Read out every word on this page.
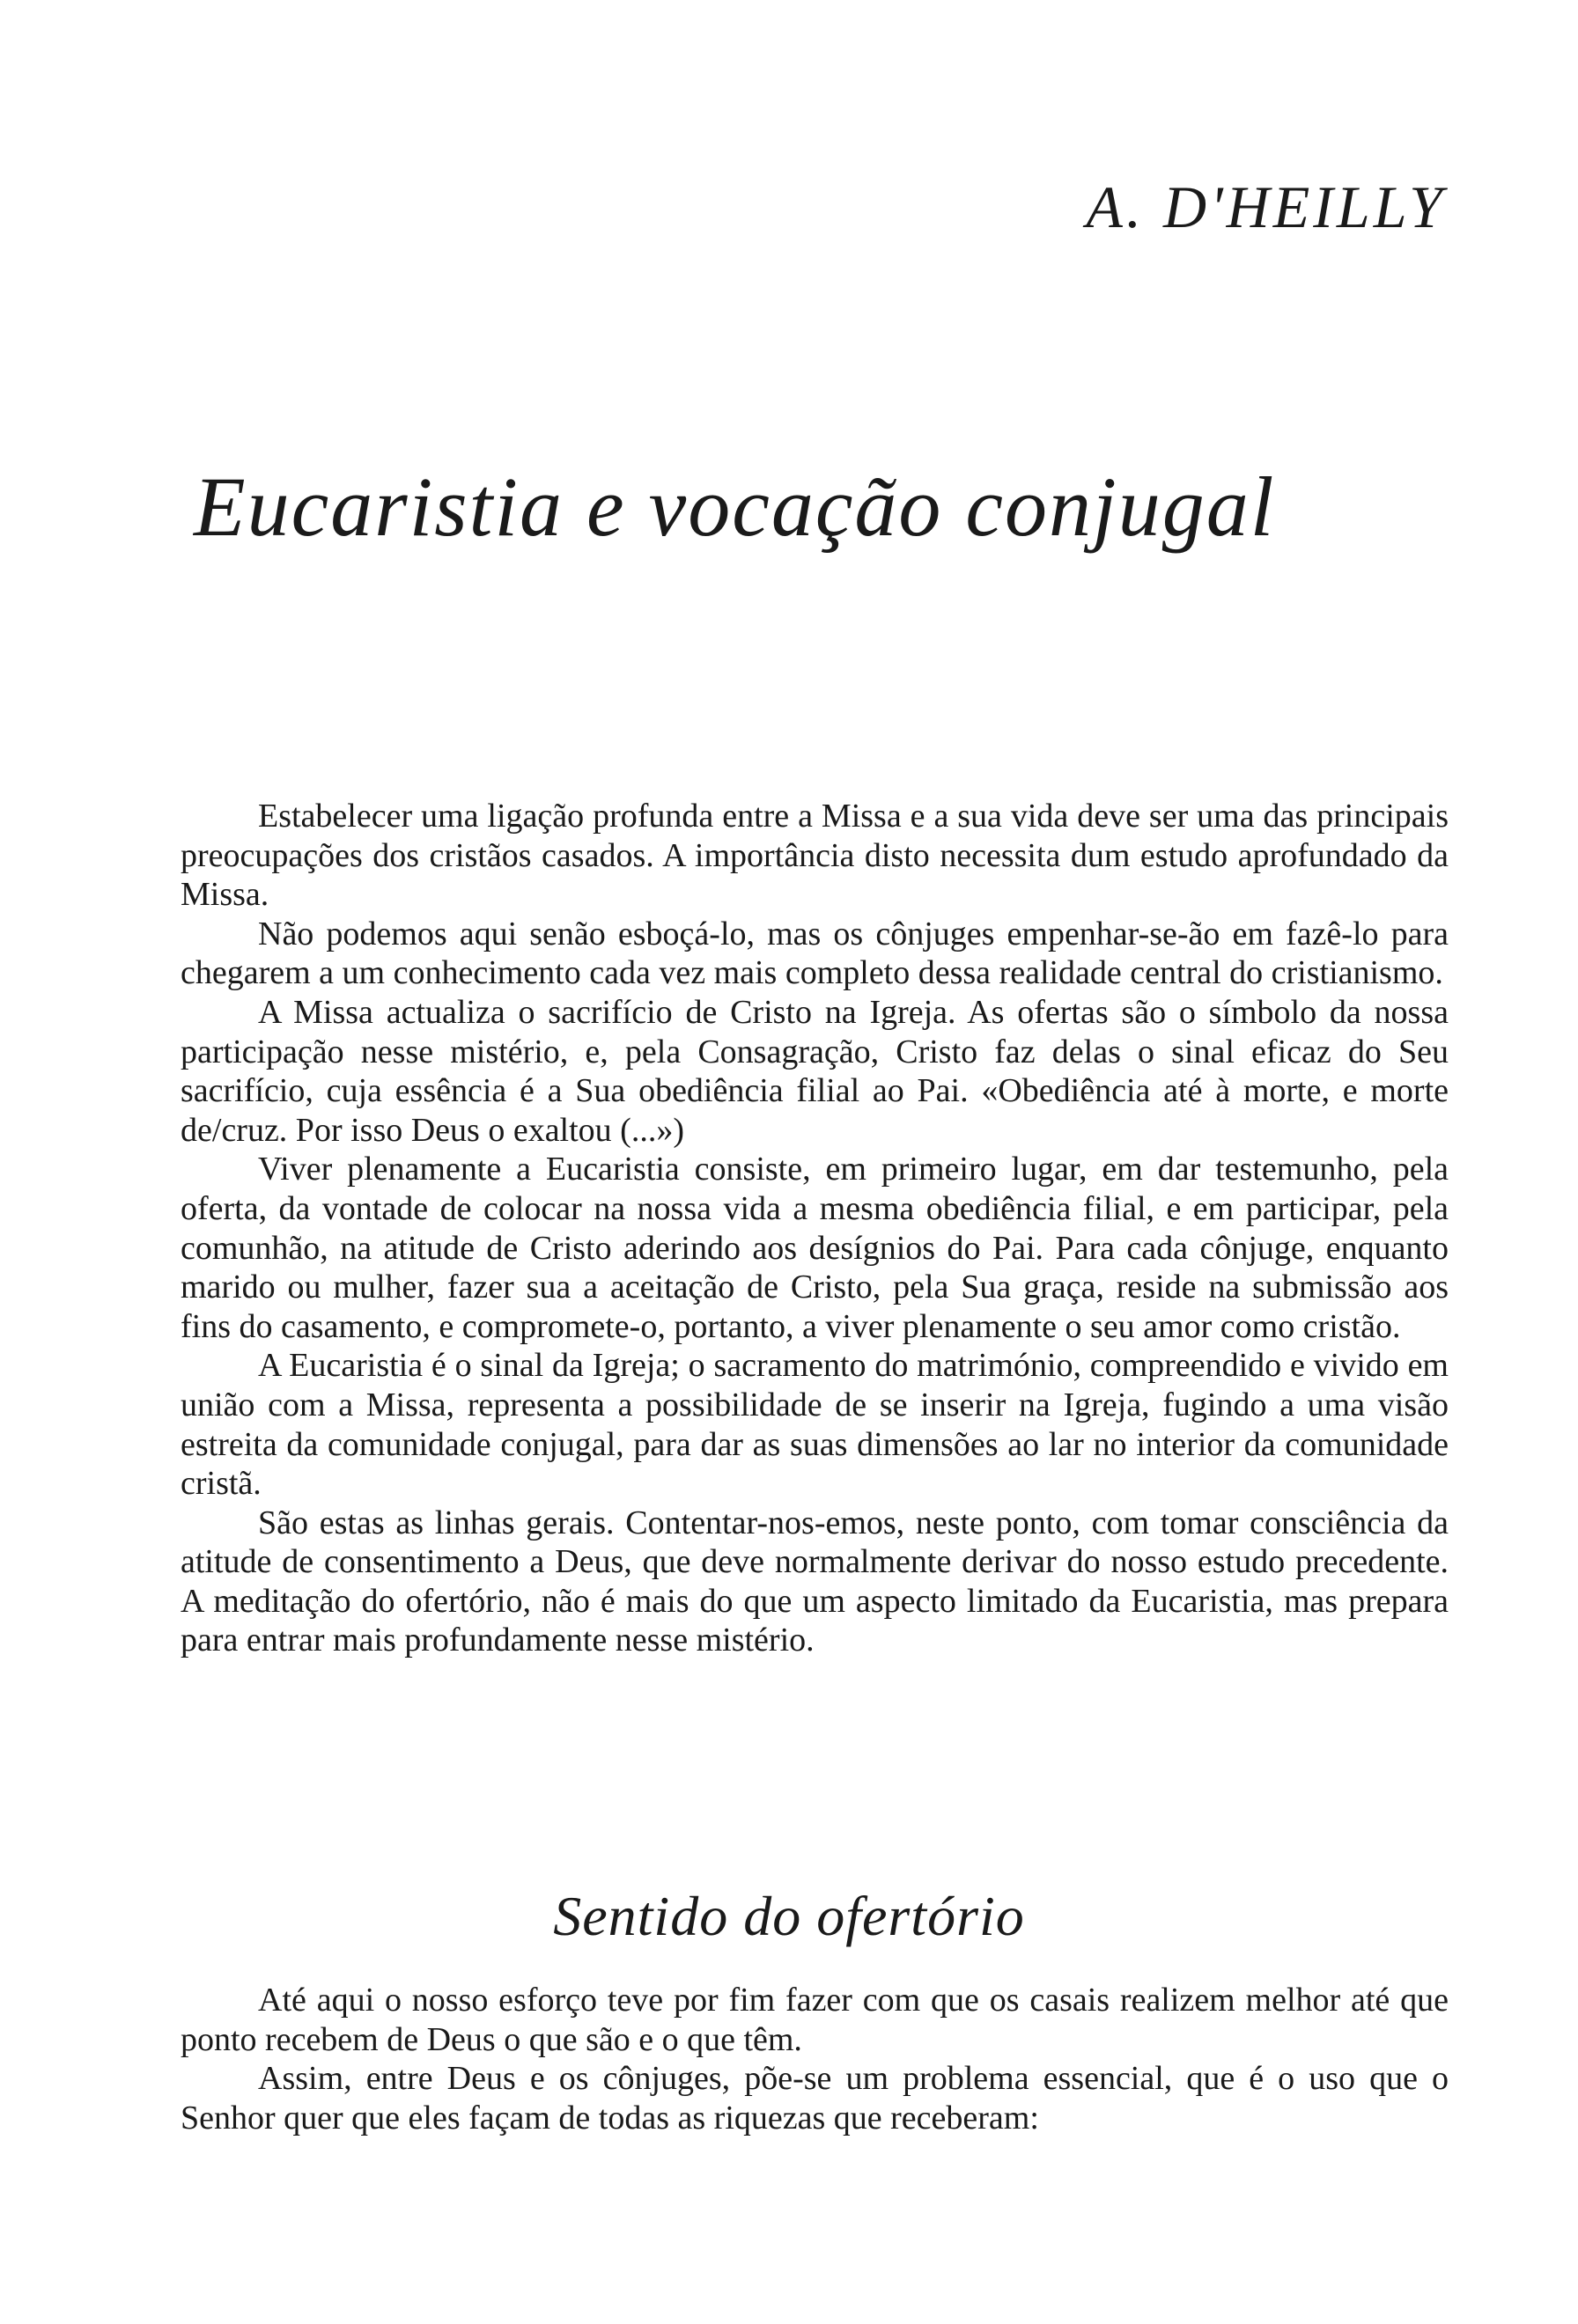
A. D'HEILLY
Eucaristia e vocação conjugal

Estabelecer uma ligação profunda entre a Missa e a sua vida deve ser uma das principais preocupações dos cristãos casados. A importância disto necessita dum estudo aprofundado da Missa.

Não podemos aqui senão esboçá-lo, mas os cônjuges empenhar-se-ão em fazê-lo para chegarem a um conhecimento cada vez mais completo dessa realidade central do cristianismo.

A Missa actualiza o sacrifício de Cristo na Igreja. As ofertas são o símbolo da nossa participação nesse mistério, e, pela Consagração, Cristo faz delas o sinal eficaz do Seu sacrifício, cuja essência é a Sua obediência filial ao Pai. «Obediência até à morte, e morte de/cruz. Por isso Deus o exaltou (...»)

Viver plenamente a Eucaristia consiste, em primeiro lugar, em dar testemunho, pela oferta, da vontade de colocar na nossa vida a mesma obediência filial, e em participar, pela comunhão, na atitude de Cristo aderindo aos desígnios do Pai. Para cada cônjuge, enquanto marido ou mulher, fazer sua a aceitação de Cristo, pela Sua graça, reside na submissão aos fins do casamento, e compromete-o, portanto, a viver plenamente o seu amor como cristão.

A Eucaristia é o sinal da Igreja; o sacramento do matrimónio, compreendido e vivido em união com a Missa, representa a possibilidade de se inserir na Igreja, fugindo a uma visão estreita da comunidade conjugal, para dar as suas dimensões ao lar no interior da comunidade cristã.

São estas as linhas gerais. Contentar-nos-emos, neste ponto, com tomar consciência da atitude de consentimento a Deus, que deve normalmente derivar do nosso estudo precedente. A meditação do ofertório, não é mais do que um aspecto limitado da Eucaristia, mas prepara para entrar mais profundamente nesse mistério.

Sentido do ofertório

Até aqui o nosso esforço teve por fim fazer com que os casais realizem melhor até que ponto recebem de Deus o que são e o que têm.

Assim, entre Deus e os cônjuges, põe-se um problema essencial, que é o uso que o Senhor quer que eles façam de todas as riquezas que receberam:
